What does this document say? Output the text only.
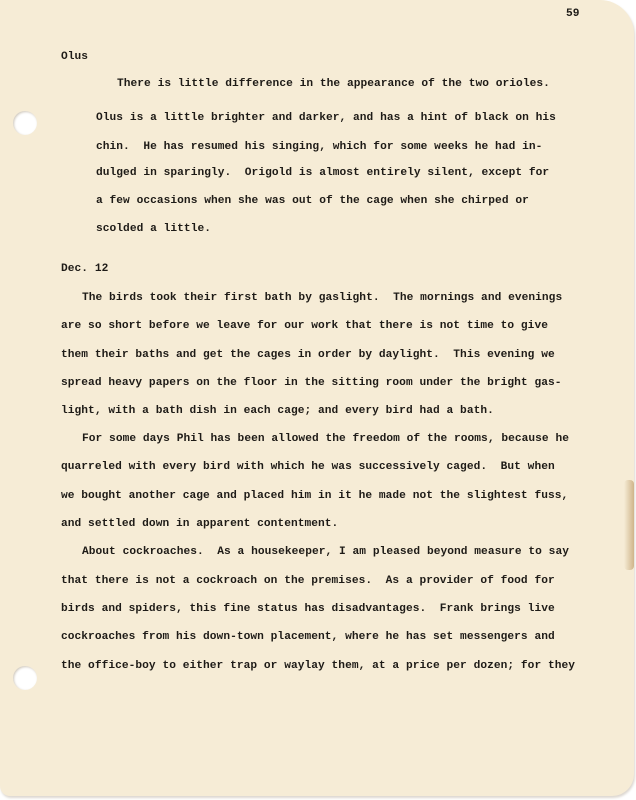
59
Olus
There is little difference in the appearance of the two orioles.
Olus is a little brighter and darker, and has a hint of black on his
chin.  He has resumed his singing, which for some weeks he had in-
dulged in sparingly.  Origold is almost entirely silent, except for
a few occasions when she was out of the cage when she chirped or
scolded a little.
Dec. 12
The birds took their first bath by gaslight.  The mornings and evenings
are so short before we leave for our work that there is not time to give
them their baths and get the cages in order by daylight.  This evening we
spread heavy papers on the floor in the sitting room under the bright gas-
light, with a bath dish in each cage; and every bird had a bath.
For some days Phil has been allowed the freedom of the rooms, because he
quarreled with every bird with which he was successively caged.  But when
we bought another cage and placed him in it he made not the slightest fuss,
and settled down in apparent contentment.
About cockroaches.  As a housekeeper, I am pleased beyond measure to say
that there is not a cockroach on the premises.  As a provider of food for
birds and spiders, this fine status has disadvantages.  Frank brings live
cockroaches from his down-town placement, where he has set messengers and
the office-boy to either trap or waylay them, at a price per dozen; for they
